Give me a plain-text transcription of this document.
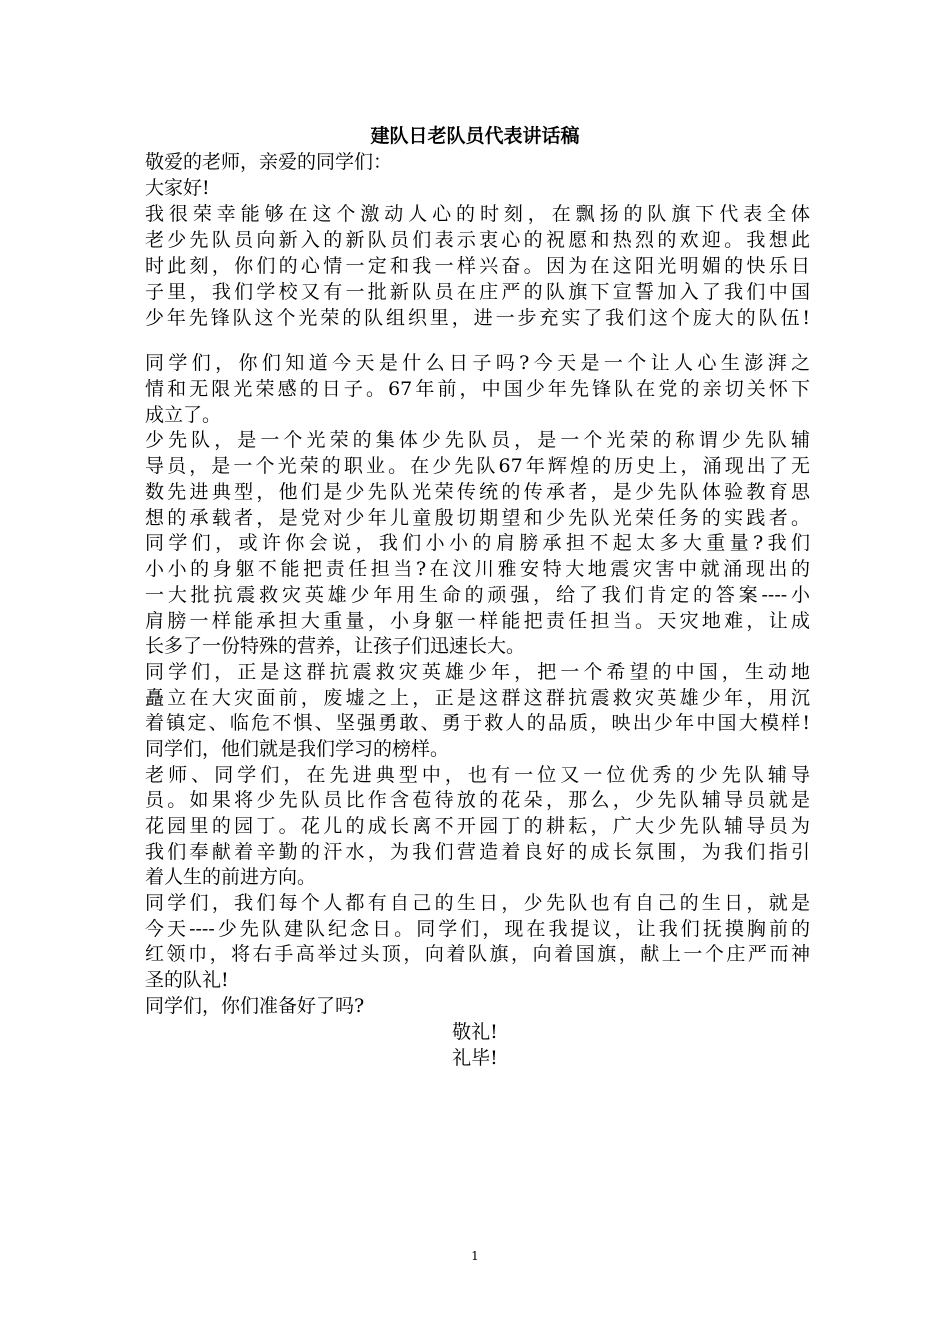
建队日老队员代表讲话稿
敬爱的老师，亲爱的同学们：
大家好!
我很荣幸能够在这个激动人心的时刻，在飘扬的队旗下代表全体
老少先队员向新入的新队员们表示衷心的祝愿和热烈的欢迎。我想此
时此刻，你们的心情一定和我一样兴奋。因为在这阳光明媚的快乐日
子里，我们学校又有一批新队员在庄严的队旗下宣誓加入了我们中国
少年先锋队这个光荣的队组织里，进一步充实了我们这个庞大的队伍!
同学们，你们知道今天是什么日子吗?今天是一个让人心生澎湃之
情和无限光荣感的日子。67年前，中国少年先锋队在党的亲切关怀下
成立了。
少先队，是一个光荣的集体少先队员，是一个光荣的称谓少先队辅
导员，是一个光荣的职业。在少先队67年辉煌的历史上，涌现出了无
数先进典型，他们是少先队光荣传统的传承者，是少先队体验教育思
想的承载者，是党对少年儿童殷切期望和少先队光荣任务的实践者。
同学们，或许你会说，我们小小的肩膀承担不起太多大重量?我们
小小的身躯不能把责任担当?在汶川雅安特大地震灾害中就涌现出的
一大批抗震救灾英雄少年用生命的顽强，给了我们肯定的答案----小
肩膀一样能承担大重量，小身躯一样能把责任担当。天灾地难，让成
长多了一份特殊的营养，让孩子们迅速长大。
同学们，正是这群抗震救灾英雄少年，把一个希望的中国，生动地
矗立在大灾面前，废墟之上，正是这群这群抗震救灾英雄少年，用沉
着镇定、临危不惧、坚强勇敢、勇于救人的品质，映出少年中国大模样!
同学们，他们就是我们学习的榜样。
老师、同学们，在先进典型中，也有一位又一位优秀的少先队辅导
员。如果将少先队员比作含苞待放的花朵，那么，少先队辅导员就是
花园里的园丁。花儿的成长离不开园丁的耕耘，广大少先队辅导员为
我们奉献着辛勤的汗水，为我们营造着良好的成长氛围，为我们指引
着人生的前进方向。
同学们，我们每个人都有自己的生日，少先队也有自己的生日，就是
今天----少先队建队纪念日。同学们，现在我提议，让我们抚摸胸前的
红领巾，将右手高举过头顶，向着队旗，向着国旗，献上一个庄严而神
圣的队礼!
同学们，你们准备好了吗?
敬礼!
礼毕!
1
